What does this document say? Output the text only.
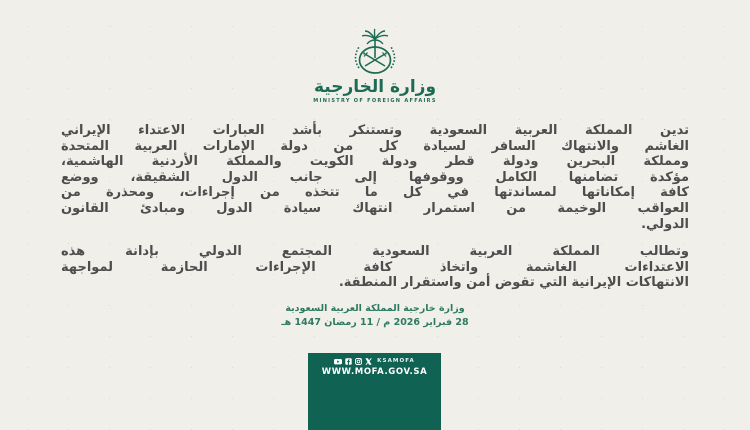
وزارة الخارجية
MINISTRY OF FOREIGN AFFAIRS
تدين المملكة العربية السعودية وتستنكر بأشد العبارات الاعتداء الإيراني
الغاشم والانتهاك السافر لسيادة كل من دولة الإمارات العربية المتحدة
ومملكة البحرين ودولة قطر ودولة الكويت والمملكة الأردنية الهاشمية،
مؤكدة تضامنها الكامل ووقوفها إلى جانب الدول الشقيقة، ووضع
كافة إمكاناتها لمساندتها في كل ما تتخذه من إجراءات، ومحذرة من
العواقب الوخيمة من استمرار انتهاك سيادة الدول ومبادئ القانون
الدولي.
وتطالب المملكة العربية السعودية المجتمع الدولي بإدانة هذه
الاعتداءات الغاشمة واتخاذ كافة الإجراءات الحازمة لمواجهة
الانتهاكات الإيرانية التي تقوض أمن واستقرار المنطقة.
وزارة خارجية المملكة العربية السعودية
28 فبراير 2026 م / 11 رمضان 1447 هـ
KSAMOFA
WWW.MOFA.GOV.SA
